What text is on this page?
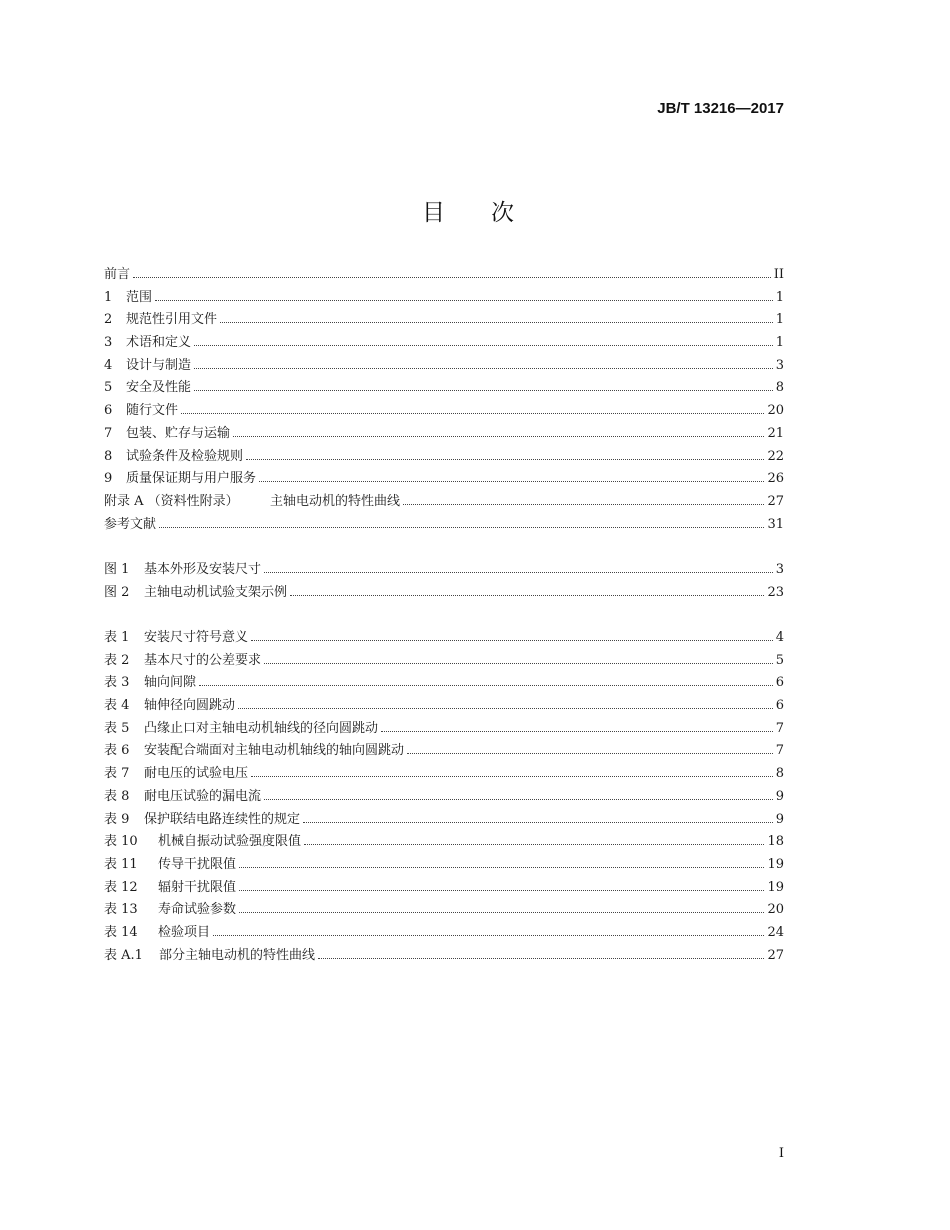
JB/T 13216—2017
目次
前言	II
1	范围	1
2	规范性引用文件	1
3	术语和定义	1
4	设计与制造	3
5	安全及性能	8
6	随行文件	20
7	包装、贮存与运输	21
8	试验条件及检验规则	22
9	质量保证期与用户服务	26
附录 A （资料性附录）	主轴电动机的特性曲线	27
参考文献	31
图 1	基本外形及安装尺寸	3
图 2	主轴电动机试验支架示例	23
表 1	安装尺寸符号意义	4
表 2	基本尺寸的公差要求	5
表 3	轴向间隙	6
表 4	轴伸径向圆跳动	6
表 5	凸缘止口对主轴电动机轴线的径向圆跳动	7
表 6	安装配合端面对主轴电动机轴线的轴向圆跳动	7
表 7	耐电压的试验电压	8
表 8	耐电压试验的漏电流	9
表 9	保护联结电路连续性的规定	9
表 10	机械自振动试验强度限值	18
表 11	传导干扰限值	19
表 12	辐射干扰限值	19
表 13	寿命试验参数	20
表 14	检验项目	24
表 A.1	部分主轴电动机的特性曲线	27
I
